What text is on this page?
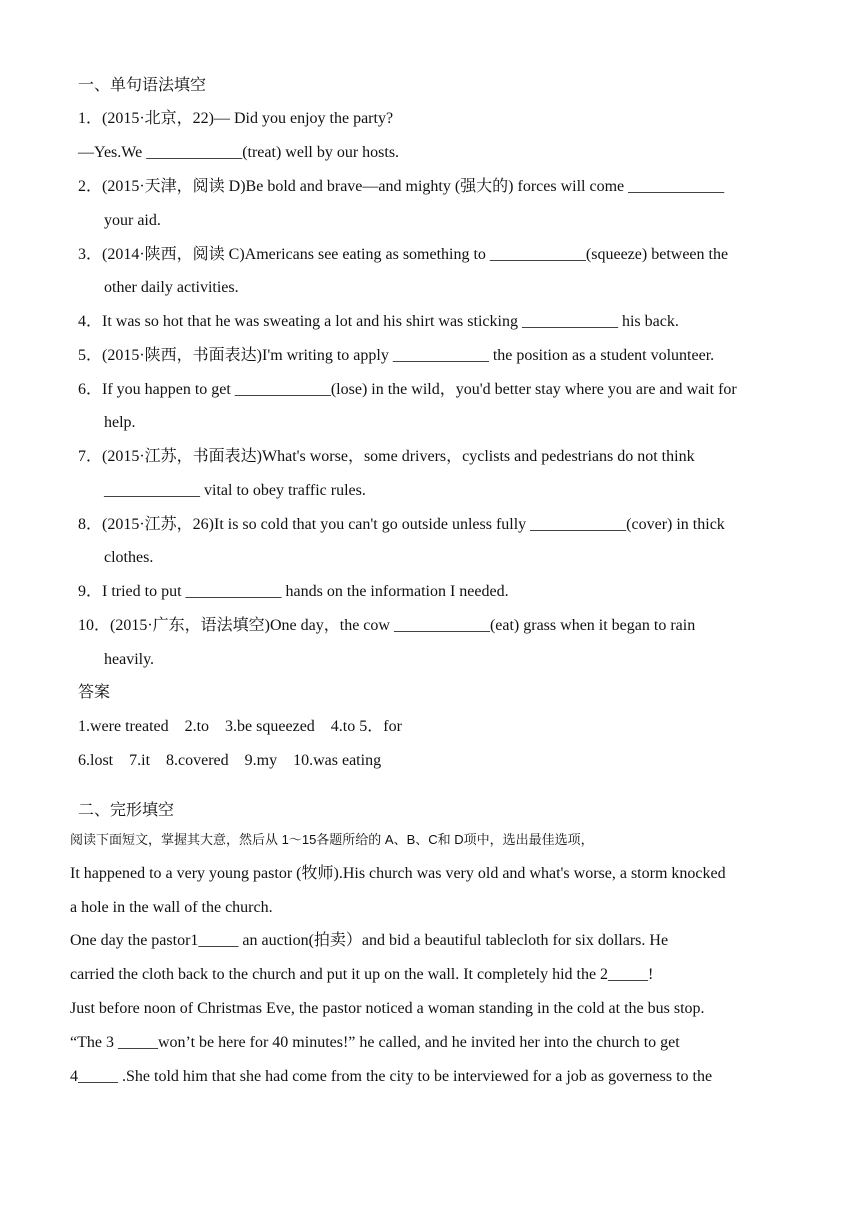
一、单句语法填空
1．(2015·北京，22)— Did you enjoy the party?
—Yes.We ____________(treat) well by our hosts.
2．(2015·天津，阅读 D)Be bold and brave—and mighty (强大的) forces will come ____________
your aid.
3．(2014·陕西，阅读 C)Americans see eating as something to ____________(squeeze) between the
other daily activities.
4．It was so hot that he was sweating a lot and his shirt was sticking ____________ his back.
5．(2015·陕西，书面表达)I'm writing to apply ____________ the position as a student volunteer.
6．If you happen to get ____________(lose) in the wild，you'd better stay where you are and wait for
help.
7．(2015·江苏，书面表达)What's worse，some drivers，cyclists and pedestrians do not think
____________ vital to obey traffic rules.
8．(2015·江苏，26)It is so cold that you can't go outside unless fully ____________(cover) in thick
clothes.
9．I tried to put ____________ hands on the information I needed.
10．(2015·广东，语法填空)One day，the cow ____________(eat) grass when it began to rain
heavily.
答案
1.were treated    2.to    3.be squeezed    4.to 5．for
6.lost    7.it    8.covered    9.my    10.was eating
二、完形填空
阅读下面短文，掌握其大意，然后从 1～15各题所给的 A、B、C和 D项中，选出最佳选项，
It happened to a very young pastor (牧师).His church was very old and what's worse, a storm knocked
a hole in the wall of the church.
One day the pastor1_____ an auction(拍卖）and bid a beautiful tablecloth for six dollars. He
carried the cloth back to the church and put it up on the wall. It completely hid the 2_____!
Just before noon of Christmas Eve, the pastor noticed a woman standing in the cold at the bus stop.
“The 3 _____won’t be here for 40 minutes!” he called, and he invited her into the church to get
4_____ .She told him that she had come from the city to be interviewed for a job as governess to the
